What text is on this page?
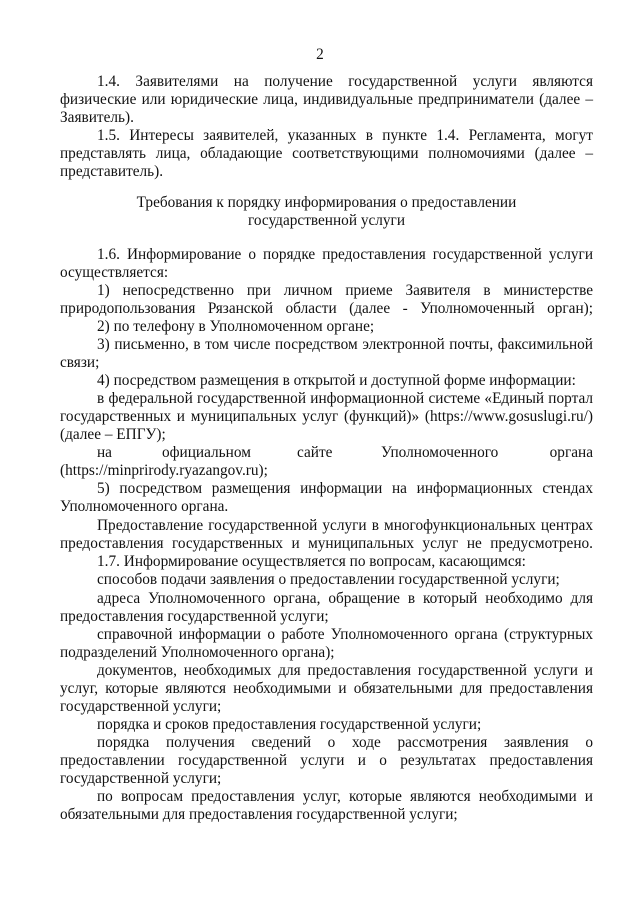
2
1.4. Заявителями на получение государственной услуги являются
физические или юридические лица, индивидуальные предприниматели (далее –
Заявитель).
1.5. Интересы заявителей, указанных в пункте 1.4. Регламента, могут
представлять лица, обладающие соответствующими полномочиями (далее –
представитель).
Требования к порядку информирования о предоставлении
государственной услуги
1.6. Информирование о порядке предоставления государственной услуги
осуществляется:
1) непосредственно при личном приеме Заявителя в министерстве
природопользования Рязанской области (далее - Уполномоченный орган);
2) по телефону в Уполномоченном органе;
3) письменно, в том числе посредством электронной почты, факсимильной
связи;
4) посредством размещения в открытой и доступной форме информации:
в федеральной государственной информационной системе «Единый портал
государственных и муниципальных услуг (функций)» (https://www.gosuslugi.ru/)
(далее – ЕПГУ);
на	официальном	сайте	Уполномоченного	органа
(https://minprirody.ryazangov.ru);
5) посредством размещения информации на информационных стендах
Уполномоченного органа.
Предоставление государственной услуги в многофункциональных центрах
предоставления государственных и муниципальных услуг не предусмотрено.
1.7. Информирование осуществляется по вопросам, касающимся:
способов подачи заявления о предоставлении государственной услуги;
адреса Уполномоченного органа, обращение в который необходимо для
предоставления государственной услуги;
справочной информации о работе Уполномоченного органа (структурных
подразделений Уполномоченного органа);
документов, необходимых для предоставления государственной услуги и
услуг, которые являются необходимыми и обязательными для предоставления
государственной услуги;
порядка и сроков предоставления государственной услуги;
порядка получения сведений о ходе рассмотрения заявления о
предоставлении государственной услуги и о результатах предоставления
государственной услуги;
по вопросам предоставления услуг, которые являются необходимыми и
обязательными для предоставления государственной услуги;
